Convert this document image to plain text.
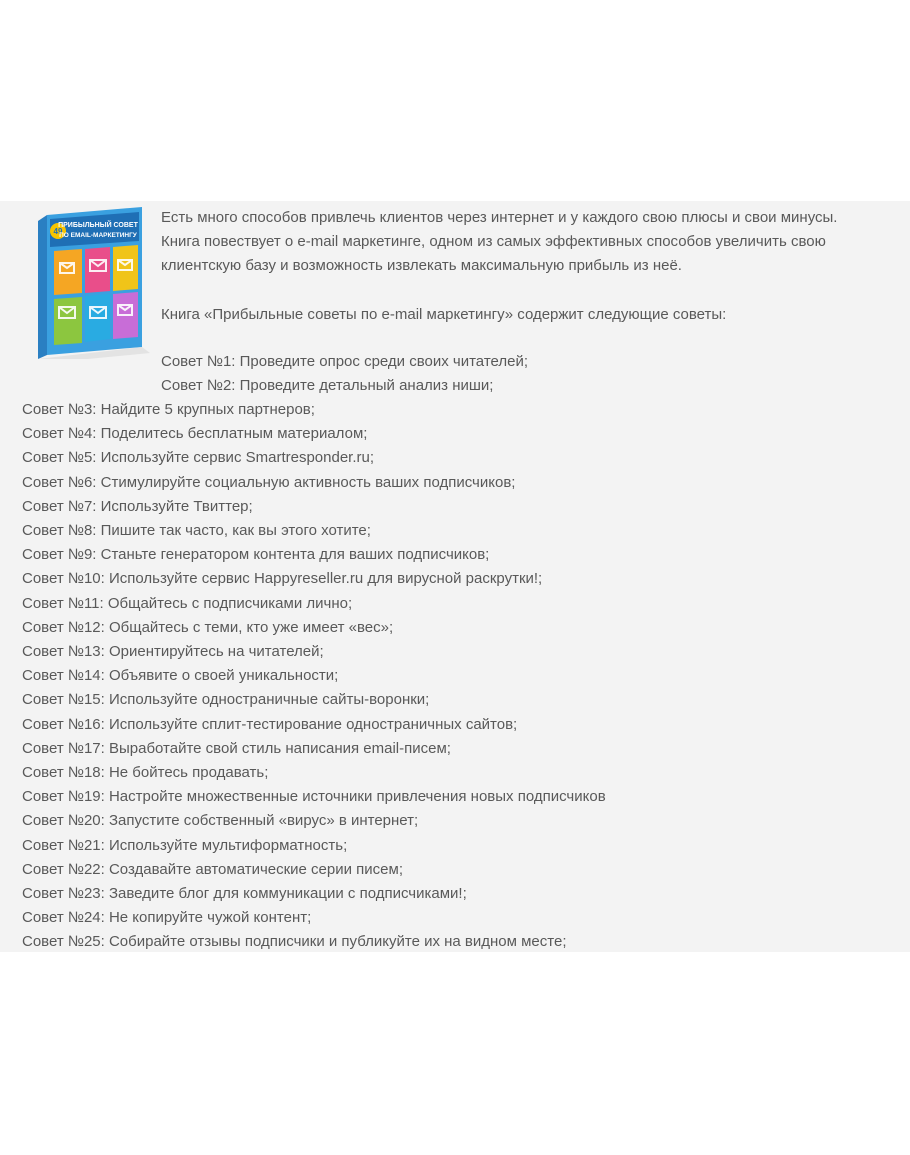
49
ПРИБЫЛЬНЫЙ СОВЕТ
ПО EMAIL-МАРКЕТИНГУ

Есть много способов привлечь клиентов через интернет и у каждого свою плюсы и свои минусы.

Книга повествует о e-mail маркетинге, одном из самых эффективных способов увеличить свою

клиентскую базу и возможность извлекать максимальную прибыль из неё.

Книга «Прибыльные советы по e-mail маркетингу» содержит следующие советы:

Совет №1: Проведите опрос среди своих читателей;
Совет №2: Проведите детальный анализ ниши;
Совет №3: Найдите 5 крупных партнеров;
Совет №4: Поделитесь бесплатным материалом;
Совет №5: Используйте сервис Smartresponder.ru;
Совет №6: Стимулируйте социальную активность ваших подписчиков;
Совет №7: Используйте Твиттер;
Совет №8: Пишите так часто, как вы этого хотите;
Совет №9: Станьте генератором контента для ваших подписчиков;
Совет №10: Используйте сервис Happyreseller.ru для вирусной раскрутки!;
Совет №11: Общайтесь с подписчиками лично;
Совет №12: Общайтесь с теми, кто уже имеет «вес»;
Совет №13: Ориентируйтесь на читателей;
Совет №14: Объявите о своей уникальности;
Совет №15: Используйте одностраничные сайты-воронки;
Совет №16: Используйте сплит-тестирование одностраничных сайтов;
Совет №17: Выработайте свой стиль написания email-писем;
Совет №18: Не бойтесь продавать;
Совет №19: Настройте множественные источники привлечения новых подписчиков
Совет №20: Запустите собственный «вирус» в интернет;
Совет №21: Используйте мультиформатность;
Совет №22: Создавайте автоматические серии писем;
Совет №23: Заведите блог для коммуникации с подписчиками!;
Совет №24: Не копируйте чужой контент;
Совет №25: Собирайте отзывы подписчики и публикуйте их на видном месте;
